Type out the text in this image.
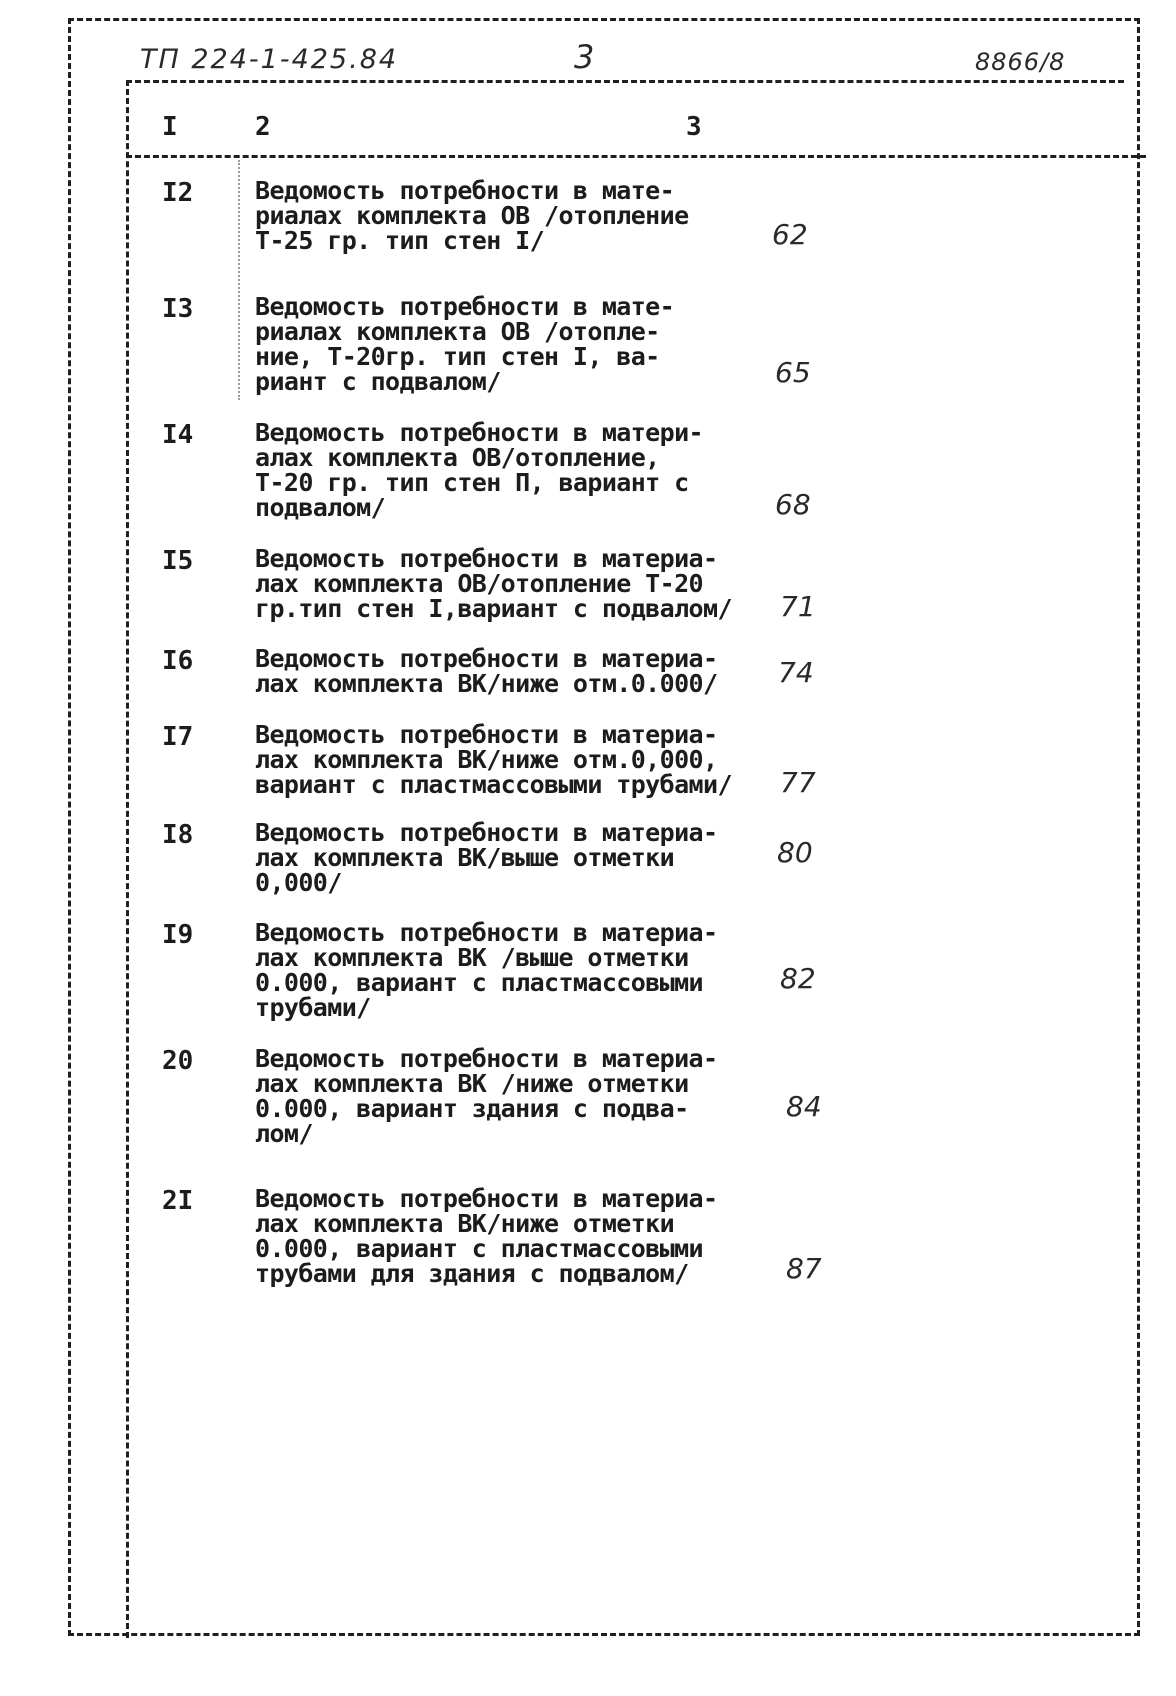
ТП 224-1-425.84	3	8866/8
I	2	3
I2 Ведомость потребности в мате-
риалах комплекта ОВ /отопление
Т-25 гр. тип стен I/	62
I3 Ведомость потребности в мате-
риалах комплекта ОВ /отопле-
ние, Т-20гр. тип стен I, ва-
риант с подвалом/	65
I4 Ведомость потребности в матери-
алах комплекта ОВ/отопление,
Т-20 гр. тип стен П, вариант с
подвалом/	68
I5 Ведомость потребности в материа-
лах комплекта ОВ/отопление Т-20
гр.тип стен I,вариант с подвалом/ 71
I6 Ведомость потребности в материа-
лах комплекта ВК/ниже отм.0.000/ 74
I7 Ведомость потребности в материа-
лах комплекта ВК/ниже отм.0,000,
вариант с пластмассовыми трубами/ 77
I8 Ведомость потребности в материа-
лах комплекта ВК/выше отметки
0,000/
80
I9 Ведомость потребности в материа-
лах комплекта ВК /выше отметки
0.000, вариант с пластмассовыми
трубами/
82
20 Ведомость потребности в материа-
лах комплекта ВК /ниже отметки
0.000, вариант здания с подва-
лом/
84
2I Ведомость потребности в материа-
лах комплекта ВК/ниже отметки
0.000, вариант с пластмассовыми
трубами для здания с подвалом/	87
